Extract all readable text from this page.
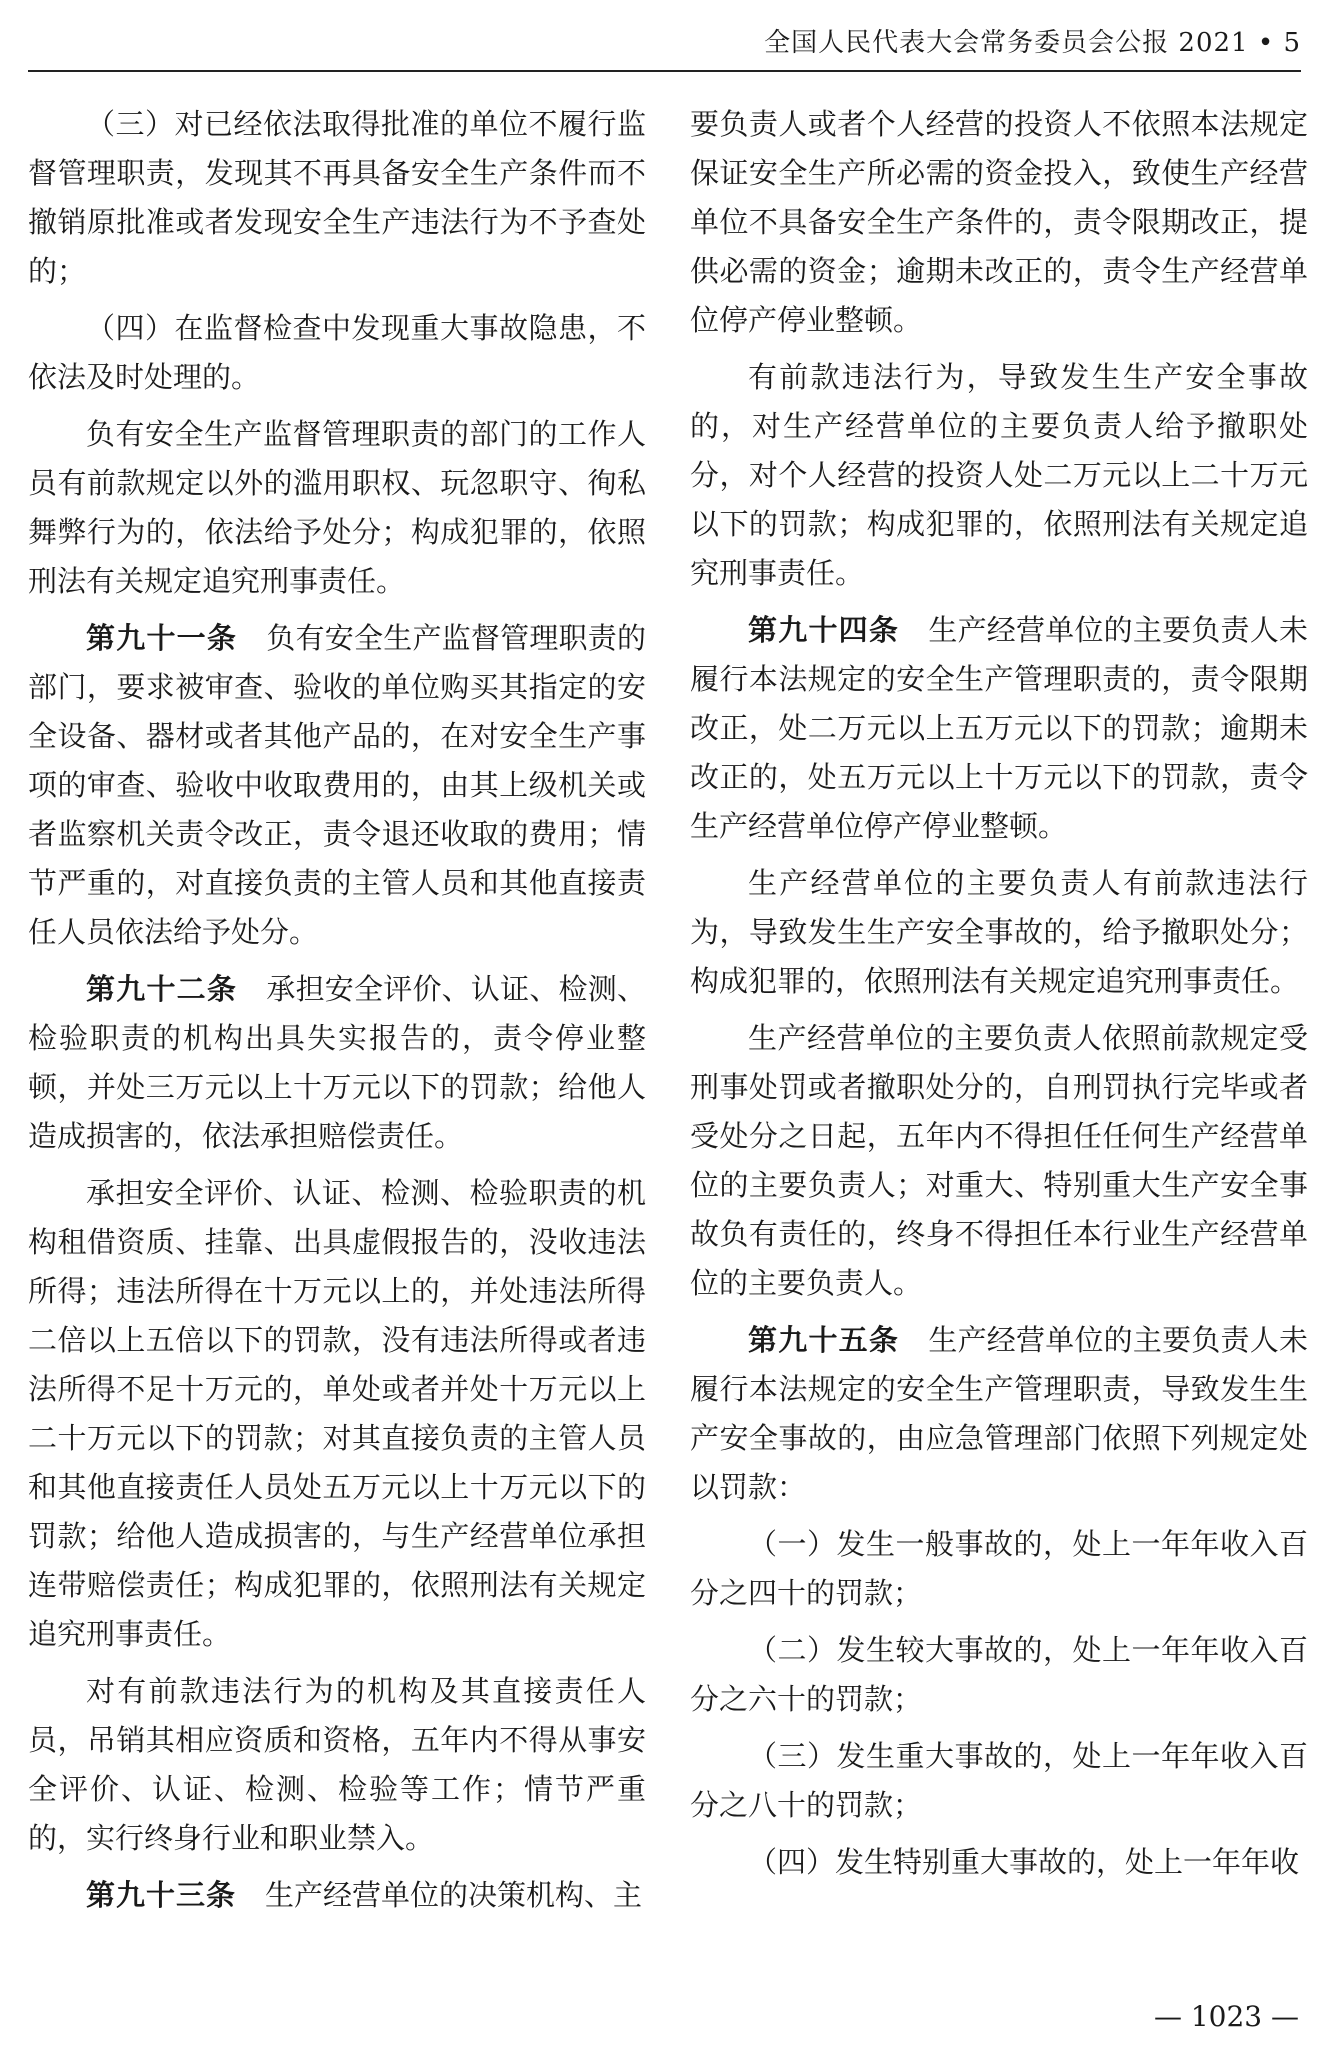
全国人民代表大会常务委员会公报 2021 • 5

（三）对已经依法取得批准的单位不履行监督管理职责，发现其不再具备安全生产条件而不撤销原批准或者发现安全生产违法行为不予查处的；

（四）在监督检查中发现重大事故隐患，不依法及时处理的。

负有安全生产监督管理职责的部门的工作人员有前款规定以外的滥用职权、玩忽职守、徇私舞弊行为的，依法给予处分；构成犯罪的，依照刑法有关规定追究刑事责任。

第九十一条　 负有安全生产监督管理职责的部门，要求被审查、验收的单位购买其指定的安全设备、器材或者其他产品的，在对安全生产事项的审查、验收中收取费用的，由其上级机关或者监察机关责令改正，责令退还收取的费用；情节严重的，对直接负责的主管人员和其他直接责任人员依法给予处分。

第九十二条　 承担安全评价、认证、检测、检验职责的机构出具失实报告的，责令停业整顿，并处三万元以上十万元以下的罚款；给他人造成损害的，依法承担赔偿责任。

承担安全评价、认证、检测、检验职责的机构租借资质、挂靠、出具虚假报告的，没收违法所得；违法所得在十万元以上的，并处违法所得二倍以上五倍以下的罚款，没有违法所得或者违法所得不足十万元的，单处或者并处十万元以上二十万元以下的罚款；对其直接负责的主管人员和其他直接责任人员处五万元以上十万元以下的罚款；给他人造成损害的，与生产经营单位承担连带赔偿责任；构成犯罪的，依照刑法有关规定追究刑事责任。

对有前款违法行为的机构及其直接责任人员，吊销其相应资质和资格，五年内不得从事安全评价、认证、检测、检验等工作；情节严重的，实行终身行业和职业禁入。

第九十三条　 生产经营单位的决策机构、主

要负责人或者个人经营的投资人不依照本法规定保证安全生产所必需的资金投入，致使生产经营单位不具备安全生产条件的，责令限期改正，提供必需的资金；逾期未改正的，责令生产经营单位停产停业整顿。

有前款违法行为，导致发生生产安全事故的，对生产经营单位的主要负责人给予撤职处分，对个人经营的投资人处二万元以上二十万元以下的罚款；构成犯罪的，依照刑法有关规定追究刑事责任。

第九十四条　 生产经营单位的主要负责人未履行本法规定的安全生产管理职责的，责令限期改正，处二万元以上五万元以下的罚款；逾期未改正的，处五万元以上十万元以下的罚款，责令生产经营单位停产停业整顿。

生产经营单位的主要负责人有前款违法行为，导致发生生产安全事故的，给予撤职处分；构成犯罪的，依照刑法有关规定追究刑事责任。

生产经营单位的主要负责人依照前款规定受刑事处罚或者撤职处分的，自刑罚执行完毕或者受处分之日起，五年内不得担任任何生产经营单位的主要负责人；对重大、特别重大生产安全事故负有责任的，终身不得担任本行业生产经营单位的主要负责人。

第九十五条　 生产经营单位的主要负责人未履行本法规定的安全生产管理职责，导致发生生产安全事故的，由应急管理部门依照下列规定处以罚款：

（一）发生一般事故的，处上一年年收入百分之四十的罚款；

（二）发生较大事故的，处上一年年收入百分之六十的罚款；

（三）发生重大事故的，处上一年年收入百分之八十的罚款；

（四）发生特别重大事故的，处上一年年收

— 1023 —
